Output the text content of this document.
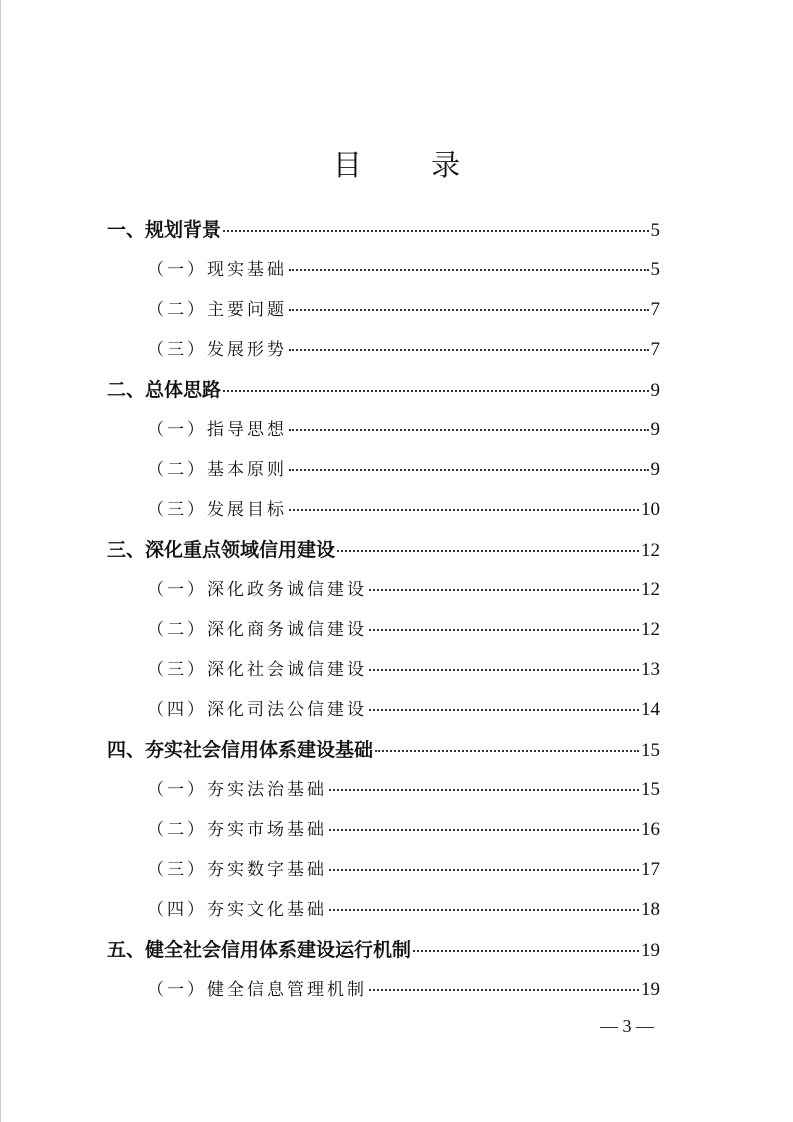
目 录
一、规划背景	5
（一）现实基础	5
（二）主要问题	7
（三）发展形势	7
二、总体思路	9
（一）指导思想	9
（二）基本原则	9
（三）发展目标	10
三、深化重点领域信用建设	12
（一）深化政务诚信建设	12
（二）深化商务诚信建设	12
（三）深化社会诚信建设	13
（四）深化司法公信建设	14
四、夯实社会信用体系建设基础	15
（一）夯实法治基础	15
（二）夯实市场基础	16
（三）夯实数字基础	17
（四）夯实文化基础	18
五、健全社会信用体系建设运行机制	19
（一）健全信息管理机制	19
— 3 —
